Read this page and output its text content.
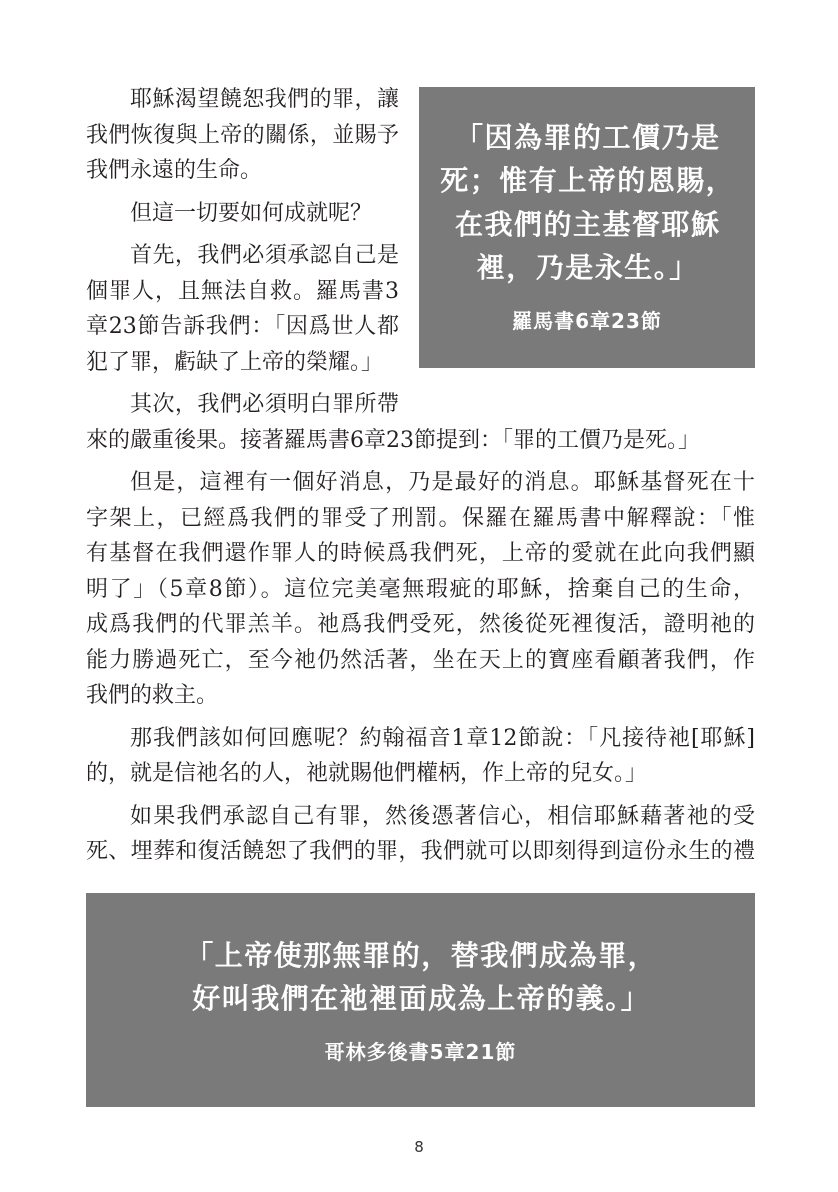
耶穌渴望饒恕我們的罪，讓
我們恢復與上帝的關係，並賜予
我們永遠的生命。
但這一切要如何成就呢？
首先，我們必須承認自己是
個罪人，且無法自救。羅馬書3
章23節告訴我們：「因爲世人都
犯了罪，虧缺了上帝的榮耀。」
其次，我們必須明白罪所帶
「因為罪的工價乃是
死；惟有上帝的恩賜，
在我們的主基督耶穌
裡，乃是永生。」
羅馬書6章23節
來的嚴重後果。接著羅馬書6章23節提到：「罪的工價乃是死。」
但是，這裡有一個好消息，乃是最好的消息。耶穌基督死在十
字架上，已經爲我們的罪受了刑罰。保羅在羅馬書中解釋說：「惟
有基督在我們還作罪人的時候爲我們死，上帝的愛就在此向我們顯
明了」（5章8節）。這位完美毫無瑕疵的耶穌，捨棄自己的生命，
成爲我們的代罪羔羊。祂爲我們受死，然後從死裡復活，證明祂的
能力勝過死亡，至今祂仍然活著，坐在天上的寶座看顧著我們，作
我們的救主。
那我們該如何回應呢？約翰福音1章12節說：「凡接待祂[耶穌]
的，就是信祂名的人，祂就賜他們權柄，作上帝的兒女。」
如果我們承認自己有罪，然後憑著信心，相信耶穌藉著祂的受
死、埋葬和復活饒恕了我們的罪，我們就可以即刻得到這份永生的禮
「上帝使那無罪的，替我們成為罪，
好叫我們在祂裡面成為上帝的義。」
哥林多後書5章21節
8
